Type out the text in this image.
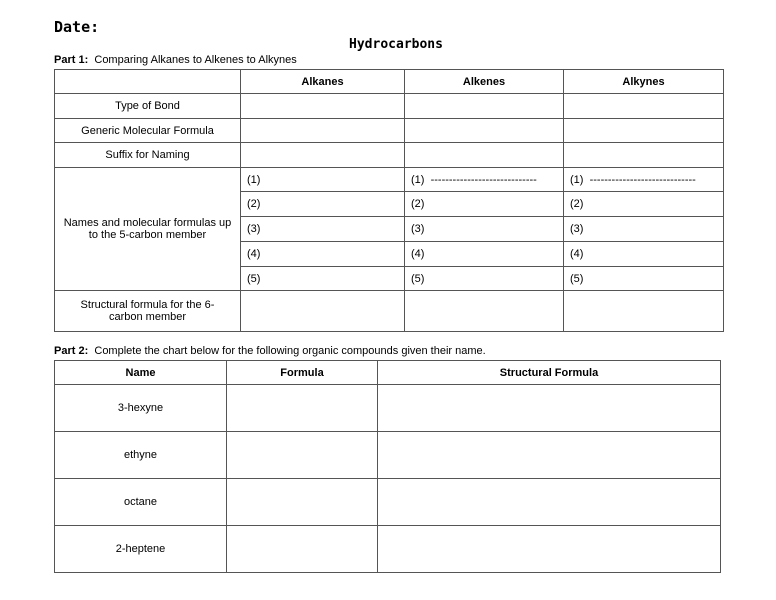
Date:
Hydrocarbons
Part 1: Comparing Alkanes to Alkenes to Alkynes
	Alkanes	Alkenes	Alkynes
Type of Bond			
Generic Molecular Formula			
Suffix for Naming			
Names and molecular formulas up to the 5-carbon member	(1)	(1) -----------------------------	(1) -----------------------------
	(2)	(2)	(2)
	(3)	(3)	(3)
	(4)	(4)	(4)
	(5)	(5)	(5)
Structural formula for the 6-carbon member			
Part 2: Complete the chart below for the following organic compounds given their name.
Name	Formula	Structural Formula
3-hexyne		
ethyne		
octane		
2-heptene		
